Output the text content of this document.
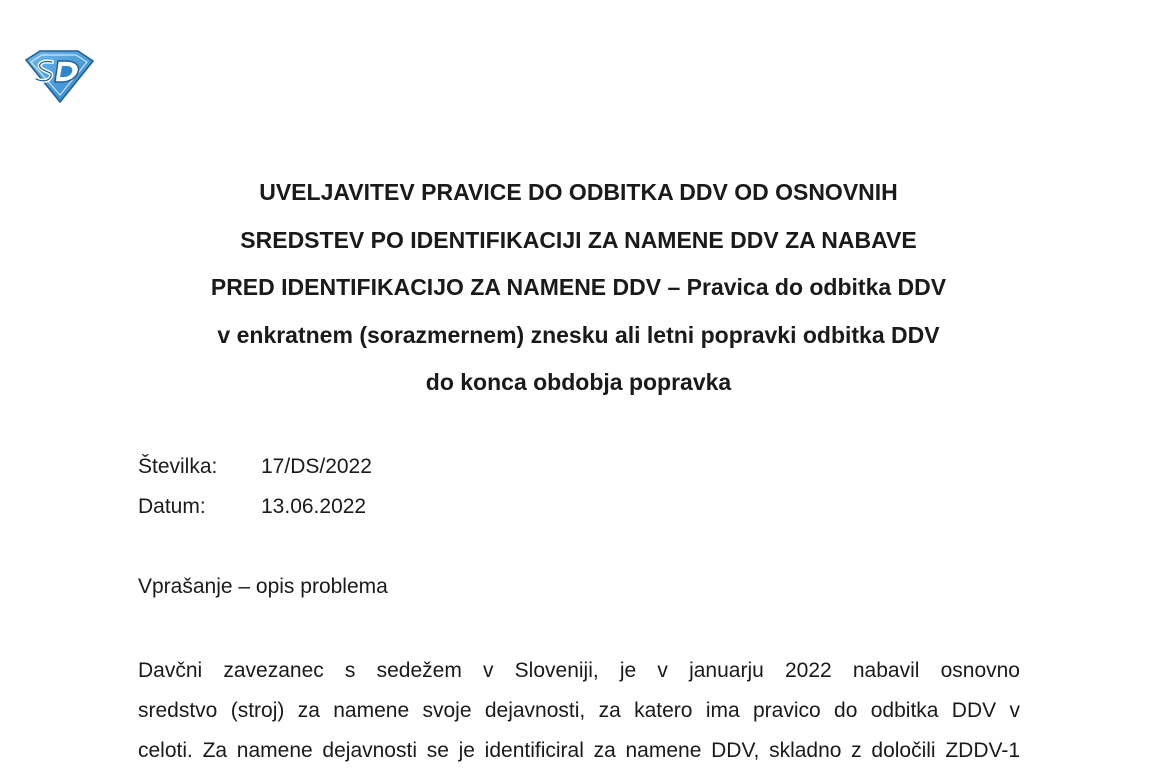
UVELJAVITEV PRAVICE DO ODBITKA DDV OD OSNOVNIH
SREDSTEV PO IDENTIFIKACIJI ZA NAMENE DDV ZA NABAVE
PRED IDENTIFIKACIJO ZA NAMENE DDV – Pravica do odbitka DDV
v enkratnem (sorazmernem) znesku ali letni popravki odbitka DDV
do konca obdobja popravka
Številka: 17/DS/2022
Datum:	13.06.2022
Vprašanje – opis problema
Davčni zavezanec s sedežem v Sloveniji, je v januarju 2022 nabavil osnovno
sredstvo (stroj) za namene svoje dejavnosti, za katero ima pravico do odbitka DDV v
celoti. Za namene dejavnosti se je identificiral za namene DDV, skladno z določili ZDDV-1
